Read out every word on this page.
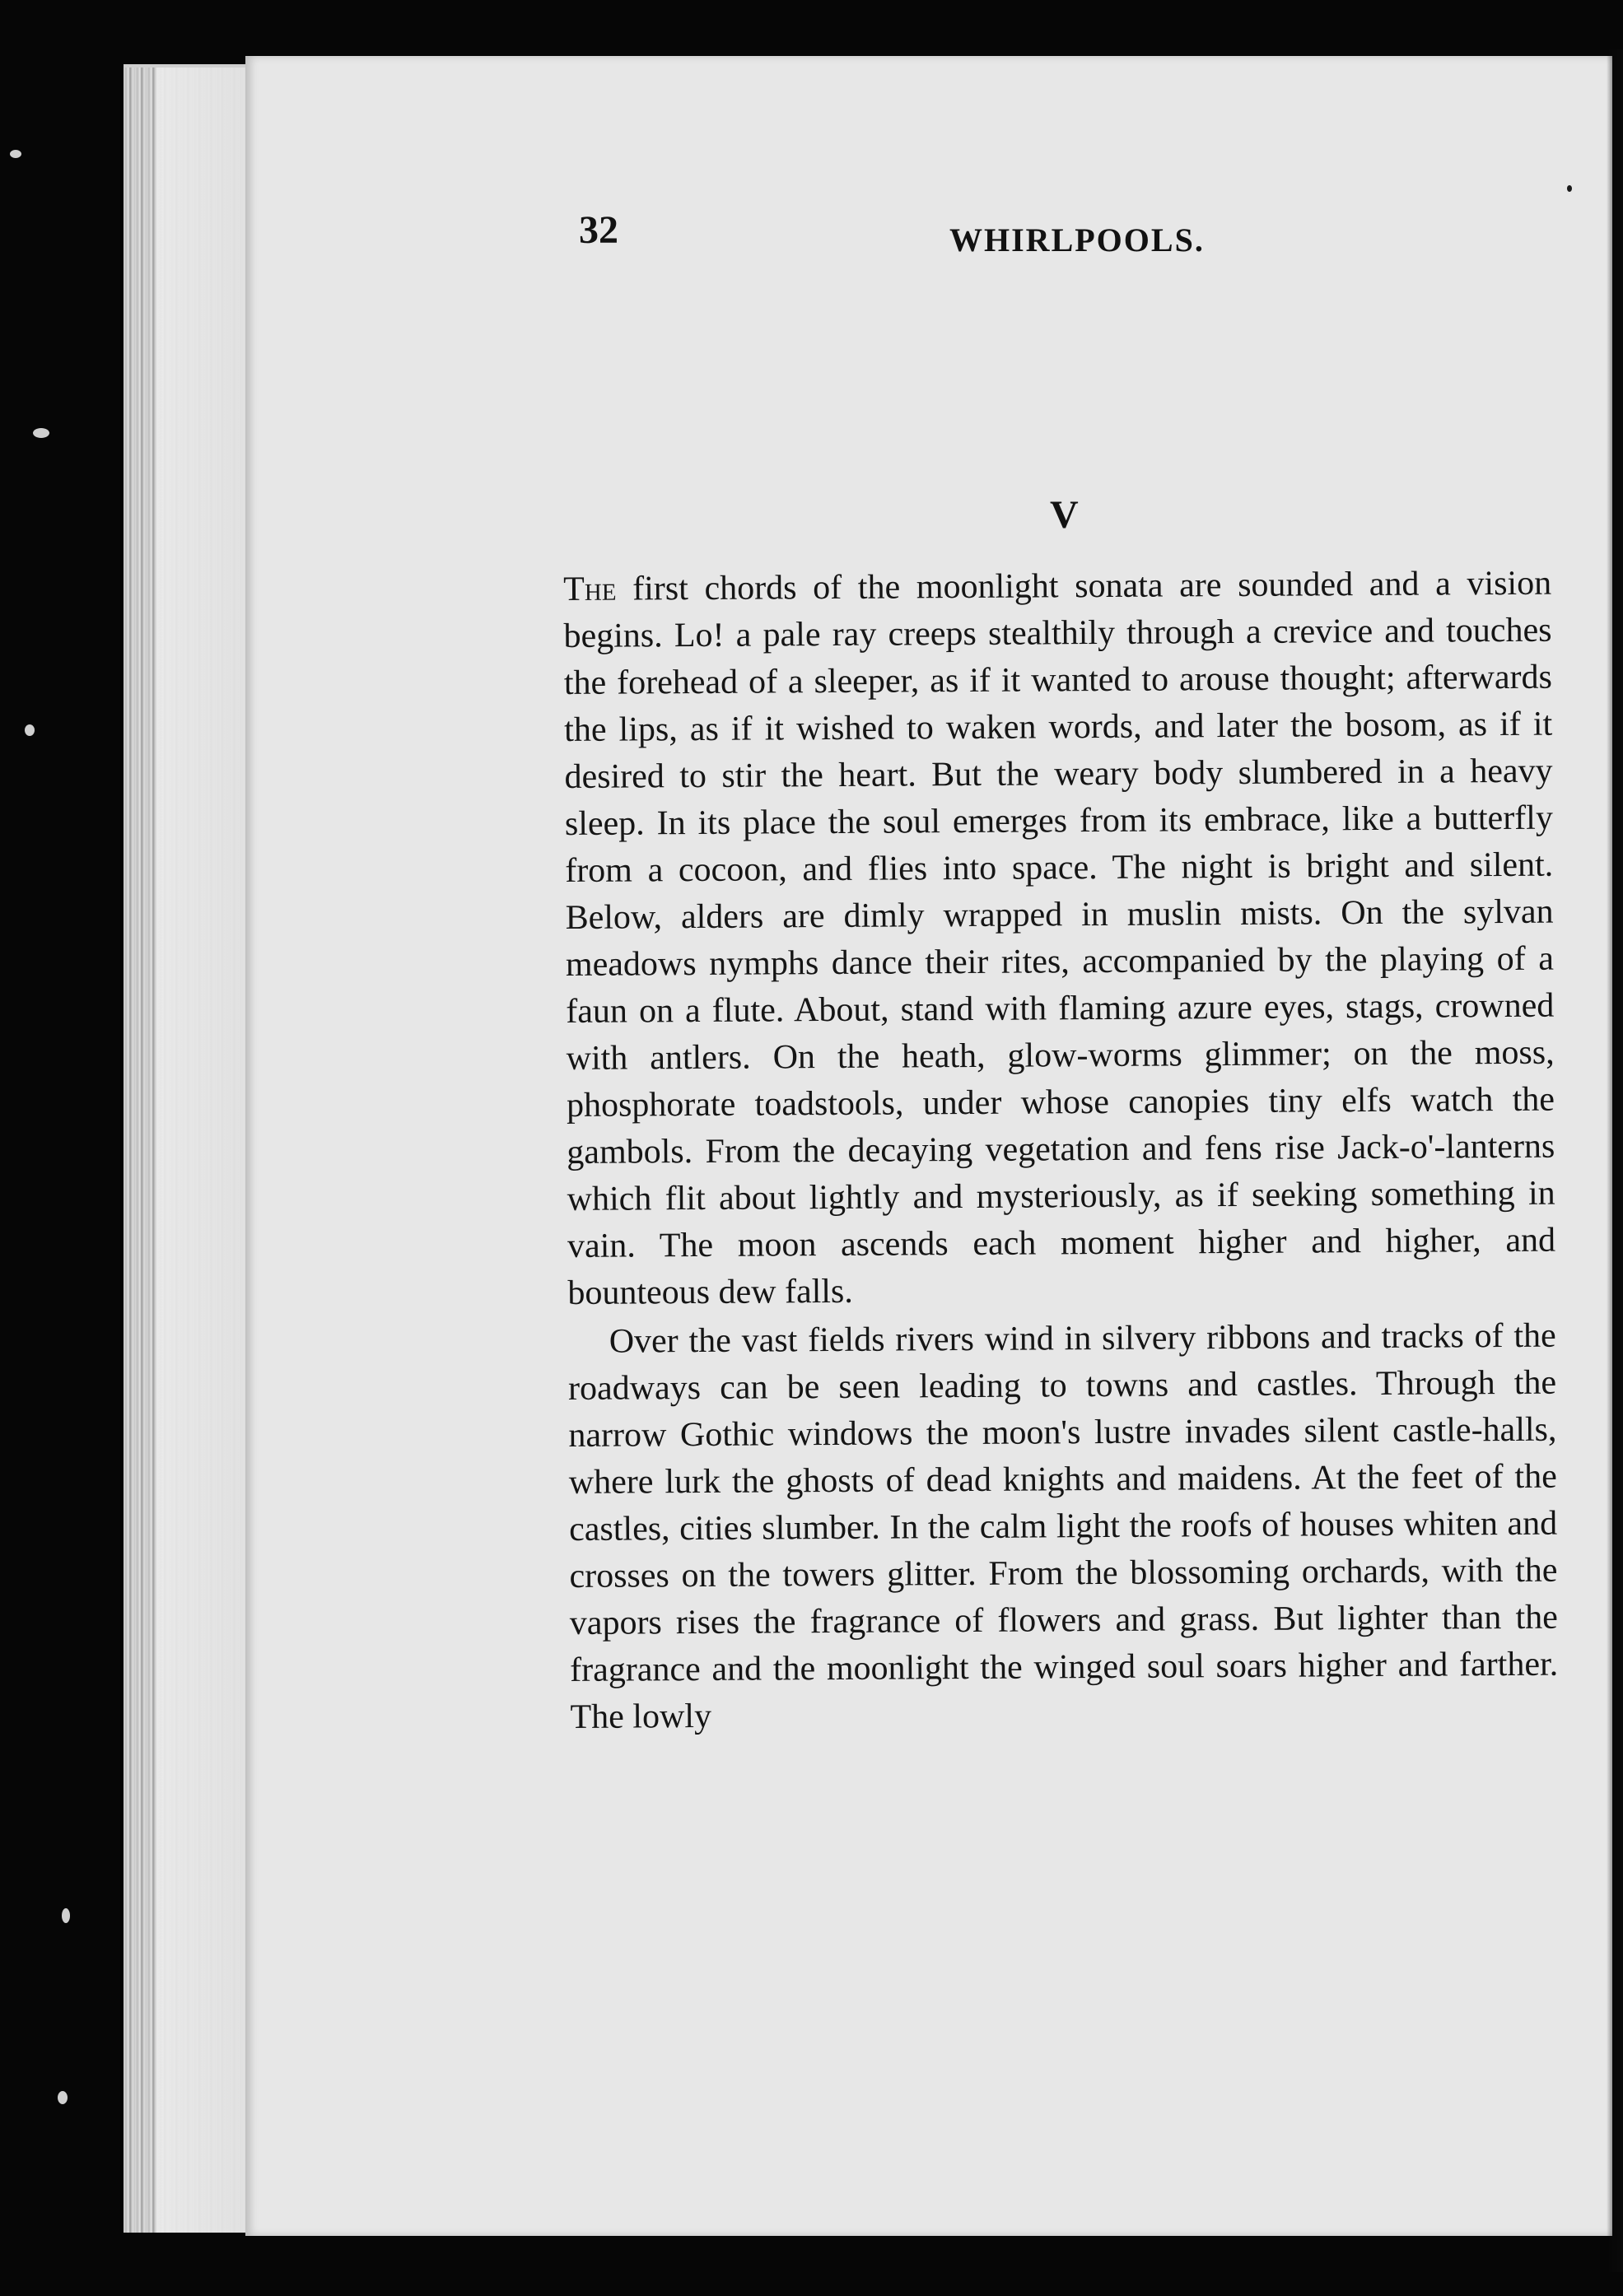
32	WHIRLPOOLS.
V

The first chords of the moonlight sonata are sounded and a vision begins. Lo! a pale ray creeps stealthily through a crevice and touches the forehead of a sleeper, as if it wanted to arouse thought; afterwards the lips, as if it wished to waken words, and later the bosom, as if it desired to stir the heart. But the weary body slumbered in a heavy sleep. In its place the soul emerges from its embrace, like a butterfly from a cocoon, and flies into space. The night is bright and silent. Below, alders are dimly wrapped in muslin mists. On the sylvan meadows nymphs dance their rites, accompanied by the playing of a faun on a flute. About, stand with flaming azure eyes, stags, crowned with antlers. On the heath, glow-worms glimmer; on the moss, phosphorate toadstools, under whose canopies tiny elfs watch the gambols. From the decaying vegetation and fens rise Jack-o'-lanterns which flit about lightly and mysteriously, as if seeking something in vain. The moon ascends each moment higher and higher, and bounteous dew falls.

Over the vast fields rivers wind in silvery ribbons and tracks of the roadways can be seen leading to towns and castles. Through the narrow Gothic windows the moon's lustre invades silent castle-halls, where lurk the ghosts of dead knights and maidens. At the feet of the castles, cities slumber. In the calm light the roofs of houses whiten and crosses on the towers glitter. From the blossoming orchards, with the vapors rises the fragrance of flowers and grass. But lighter than the fragrance and the moonlight the winged soul soars higher and farther. The lowly
